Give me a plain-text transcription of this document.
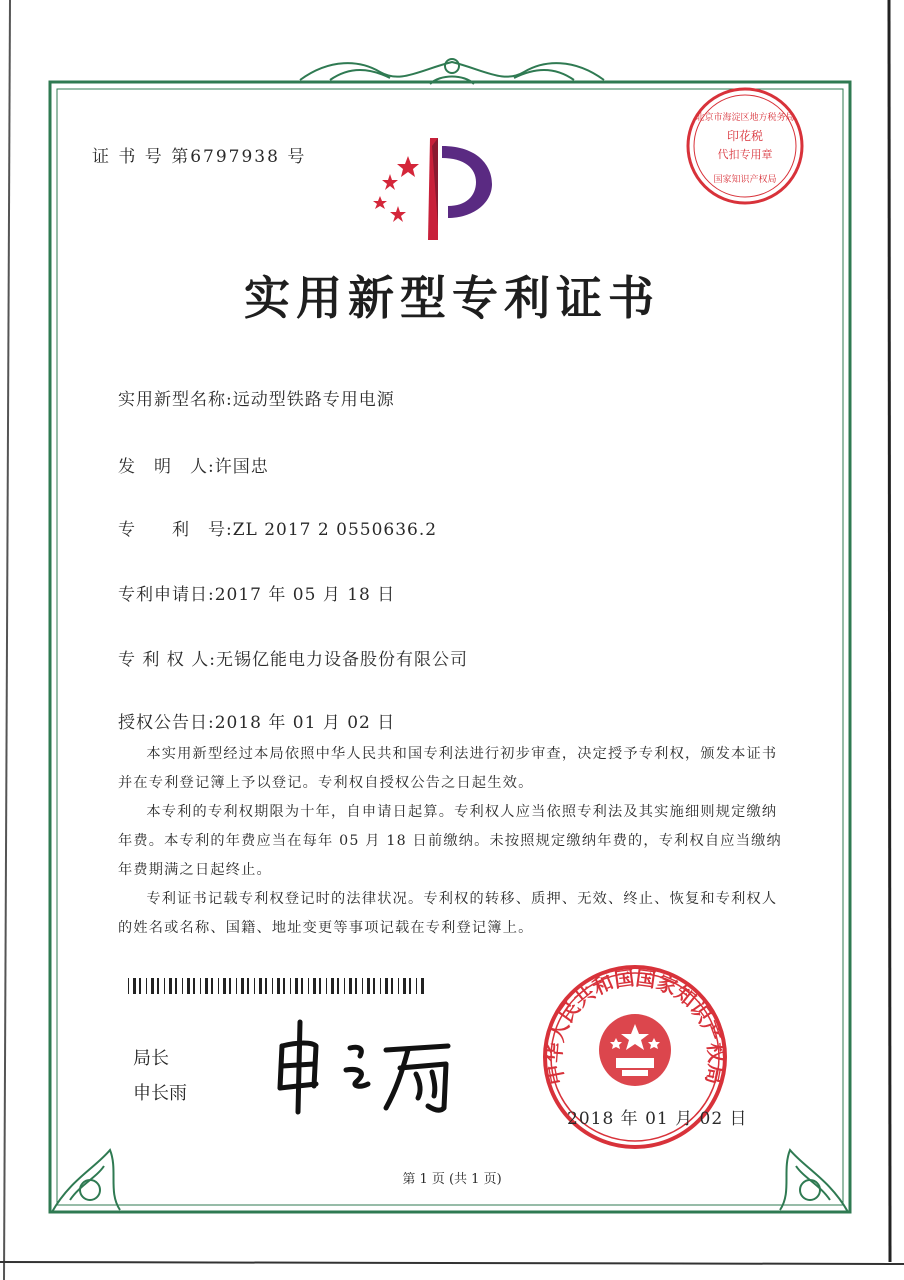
证 书 号 第6797938 号
北京市海淀区地方税务局
印花税
代扣专用章
国家知识产权局
实用新型专利证书
实用新型名称:远动型铁路专用电源
发　明　人:许国忠
专　　利　号:ZL 2017 2 0550636.2
专利申请日:2017 年 05 月 18 日
专 利 权 人:无锡亿能电力设备股份有限公司
授权公告日:2018 年 01 月 02 日

本实用新型经过本局依照中华人民共和国专利法进行初步审查，决定授予专利权，颁发本证书并在专利登记簿上予以登记。专利权自授权公告之日起生效。

本专利的专利权期限为十年，自申请日起算。专利权人应当依照专利法及其实施细则规定缴纳年费。本专利的年费应当在每年 05 月 18 日前缴纳。未按照规定缴纳年费的，专利权自应当缴纳年费期满之日起终止。

专利证书记载专利权登记时的法律状况。专利权的转移、质押、无效、终止、恢复和专利权人的姓名或名称、国籍、地址变更等事项记载在专利登记簿上。

局长
申长雨
中华人民共和国国家知识产权局
2018 年 01 月 02 日
第 1 页 (共 1 页)
